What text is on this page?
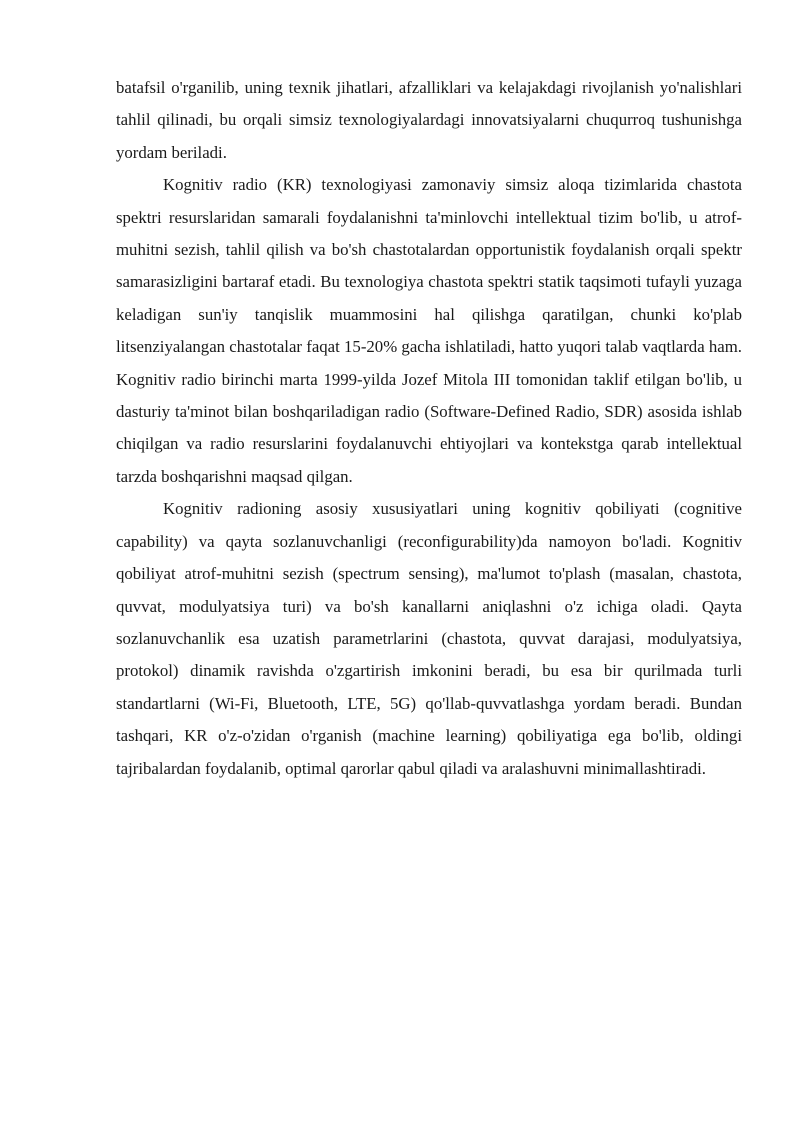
batafsil o'rganilib, uning texnik jihatlari, afzalliklari va kelajakdagi rivojlanish yo'nalishlari tahlil qilinadi, bu orqali simsiz texnologiyalardagi innovatsiyalarni chuqurroq tushunishga yordam beriladi.

Kognitiv radio (KR) texnologiyasi zamonaviy simsiz aloqa tizimlarida chastota spektri resurslaridan samarali foydalanishni ta'minlovchi intellektual tizim bo'lib, u atrof-muhitni sezish, tahlil qilish va bo'sh chastotalardan opportunistik foydalanish orqali spektr samarasizligini bartaraf etadi. Bu texnologiya chastota spektri statik taqsimoti tufayli yuzaga keladigan sun'iy tanqislik muammosini hal qilishga qaratilgan, chunki ko'plab litsenziyalangan chastotalar faqat 15-20% gacha ishlatiladi, hatto yuqori talab vaqtlarda ham. Kognitiv radio birinchi marta 1999-yilda Jozef Mitola III tomonidan taklif etilgan bo'lib, u dasturiy ta'minot bilan boshqariladigan radio (Software-Defined Radio, SDR) asosida ishlab chiqilgan va radio resurslarini foydalanuvchi ehtiyojlari va kontekstga qarab intellektual tarzda boshqarishni maqsad qilgan.

Kognitiv radioning asosiy xususiyatlari uning kognitiv qobiliyati (cognitive capability) va qayta sozlanuvchanligi (reconfigurability)da namoyon bo'ladi. Kognitiv qobiliyat atrof-muhitni sezish (spectrum sensing), ma'lumot to'plash (masalan, chastota, quvvat, modulyatsiya turi) va bo'sh kanallarni aniqlashni o'z ichiga oladi. Qayta sozlanuvchanlik esa uzatish parametrlarini (chastota, quvvat darajasi, modulyatsiya, protokol) dinamik ravishda o'zgartirish imkonini beradi, bu esa bir qurilmada turli standartlarni (Wi-Fi, Bluetooth, LTE, 5G) qo'llab-quvvatlashga yordam beradi. Bundan tashqari, KR o'z-o'zidan o'rganish (machine learning) qobiliyatiga ega bo'lib, oldingi tajribalardan foydalanib, optimal qarorlar qabul qiladi va aralashuvni minimallashtiradi.
